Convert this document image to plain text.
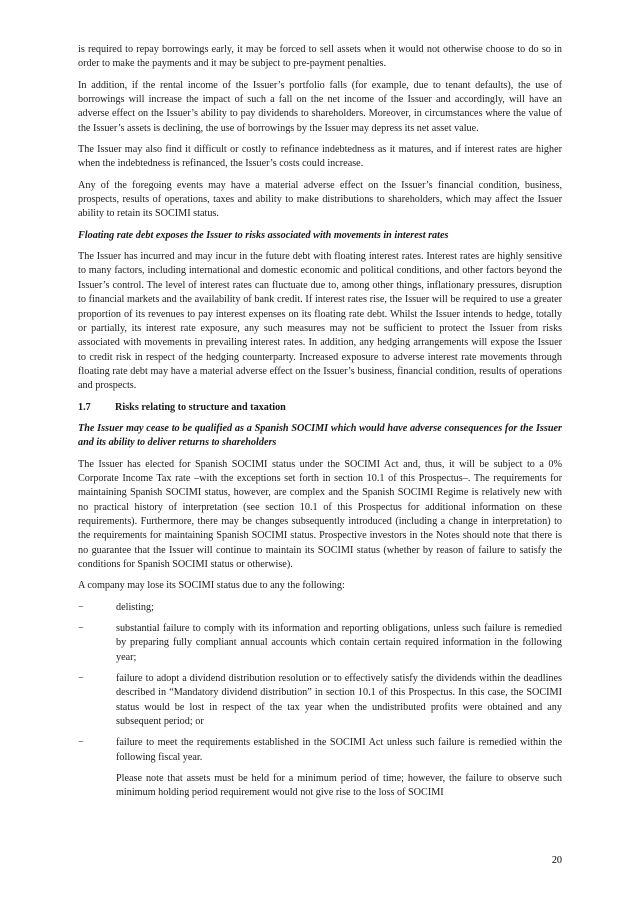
is required to repay borrowings early, it may be forced to sell assets when it would not otherwise choose to do so in order to make the payments and it may be subject to pre-payment penalties.

In addition, if the rental income of the Issuer’s portfolio falls (for example, due to tenant defaults), the use of borrowings will increase the impact of such a fall on the net income of the Issuer and accordingly, will have an adverse effect on the Issuer’s ability to pay dividends to shareholders. Moreover, in circumstances where the value of the Issuer’s assets is declining, the use of borrowings by the Issuer may depress its net asset value.

The Issuer may also find it difficult or costly to refinance indebtedness as it matures, and if interest rates are higher when the indebtedness is refinanced, the Issuer’s costs could increase.

Any of the foregoing events may have a material adverse effect on the Issuer’s financial condition, business, prospects, results of operations, taxes and ability to make distributions to shareholders, which may affect the Issuer ability to retain its SOCIMI status.

Floating rate debt exposes the Issuer to risks associated with movements in interest rates

The Issuer has incurred and may incur in the future debt with floating interest rates. Interest rates are highly sensitive to many factors, including international and domestic economic and political conditions, and other factors beyond the Issuer’s control. The level of interest rates can fluctuate due to, among other things, inflationary pressures, disruption to financial markets and the availability of bank credit. If interest rates rise, the Issuer will be required to use a greater proportion of its revenues to pay interest expenses on its floating rate debt. Whilst the Issuer intends to hedge, totally or partially, its interest rate exposure, any such measures may not be sufficient to protect the Issuer from risks associated with movements in prevailing interest rates. In addition, any hedging arrangements will expose the Issuer to credit risk in respect of the hedging counterparty. Increased exposure to adverse interest rate movements through floating rate debt may have a material adverse effect on the Issuer’s business, financial condition, results of operations and prospects.

1.7	Risks relating to structure and taxation

The Issuer may cease to be qualified as a Spanish SOCIMI which would have adverse consequences for the Issuer and its ability to deliver returns to shareholders

The Issuer has elected for Spanish SOCIMI status under the SOCIMI Act and, thus, it will be subject to a 0% Corporate Income Tax rate –with the exceptions set forth in section 10.1 of this Prospectus–. The requirements for maintaining Spanish SOCIMI status, however, are complex and the Spanish SOCIMI Regime is relatively new with no practical history of interpretation (see section 10.1 of this Prospectus for additional information on these requirements). Furthermore, there may be changes subsequently introduced (including a change in interpretation) to the requirements for maintaining Spanish SOCIMI status. Prospective investors in the Notes should note that there is no guarantee that the Issuer will continue to maintain its SOCIMI status (whether by reason of failure to satisfy the conditions for Spanish SOCIMI status or otherwise).

A company may lose its SOCIMI status due to any the following:

−	delisting;
−	substantial failure to comply with its information and reporting obligations, unless such failure is remedied by preparing fully compliant annual accounts which contain certain required information in the following year;
−	failure to adopt a dividend distribution resolution or to effectively satisfy the dividends within the deadlines described in “Mandatory dividend distribution” in section 10.1 of this Prospectus. In this case, the SOCIMI status would be lost in respect of the tax year when the undistributed profits were obtained and any subsequent period; or
−	failure to meet the requirements established in the SOCIMI Act unless such failure is remedied within the following fiscal year.

Please note that assets must be held for a minimum period of time; however, the failure to observe such minimum holding period requirement would not give rise to the loss of SOCIMI

20
